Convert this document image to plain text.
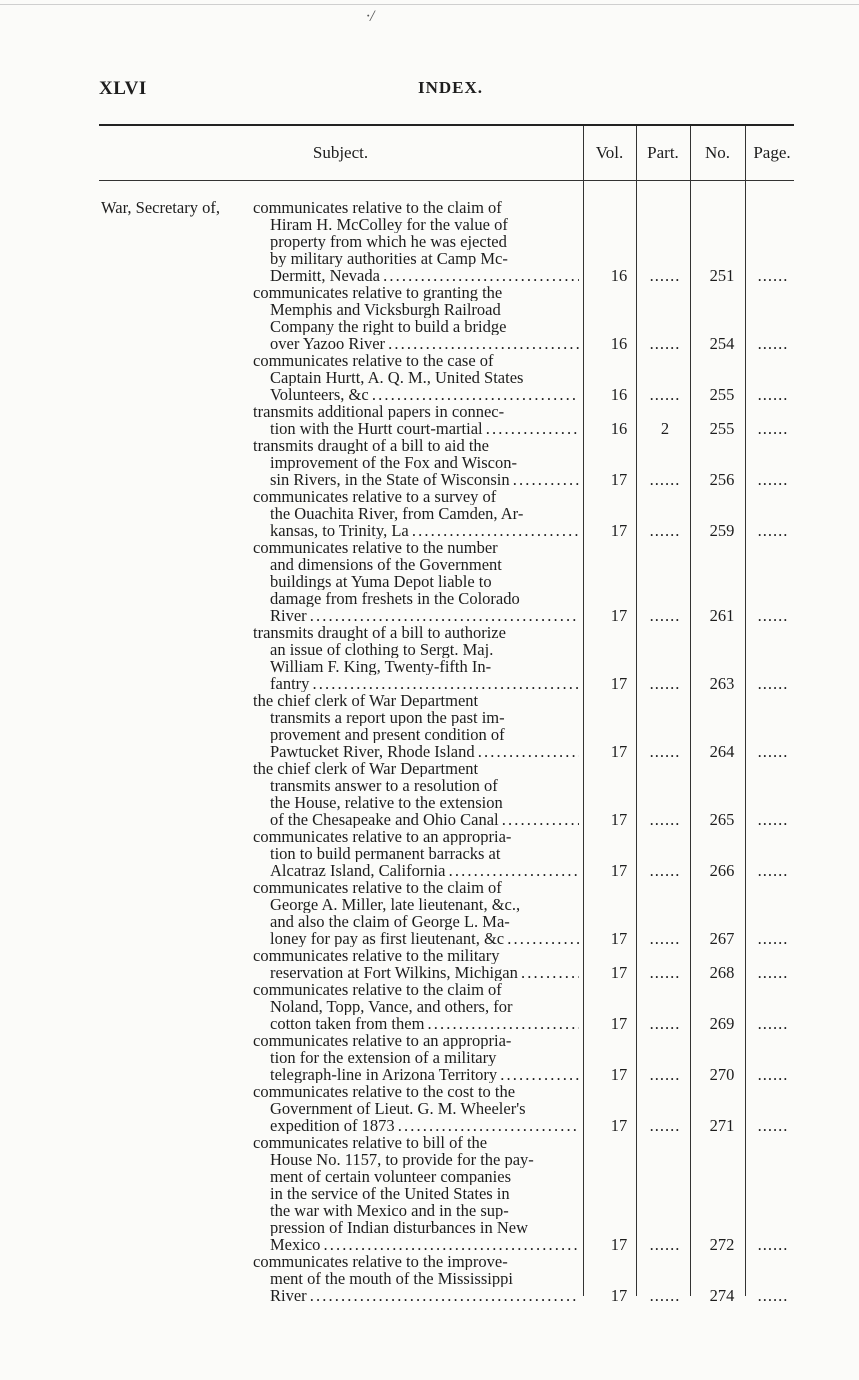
·/
XLVI	INDEX.
Subject.	Vol.	Part.	No.	Page.
War, Secretary of, communicates relative to the claim of
Hiram H. McColley for the value of
property from which he was ejected
by military authorities at Camp Mc-
Dermitt, Nevada . . .	16	......	251	......
communicates relative to granting the
Memphis and Vicksburgh Railroad
Company the right to build a bridge
over Yazoo River . . .	16	......	254	......
communicates relative to the case of
Captain Hurtt, A. Q. M., United States
Volunteers, &c . . .	16	......	255	......
transmits additional papers in connec-
tion with the Hurtt court-martial . . .	16	2	255	......
transmits draught of a bill to aid the
improvement of the Fox and Wiscon-
sin Rivers, in the State of Wisconsin . . .	17	......	256	......
communicates relative to a survey of
the Ouachita River, from Camden, Ar-
kansas, to Trinity, La . . .	17	......	259	......
communicates relative to the number
and dimensions of the Government
buildings at Yuma Depot liable to
damage from freshets in the Colorado
River . . .	17	......	261	......
transmits draught of a bill to authorize
an issue of clothing to Sergt. Maj.
William F. King, Twenty-fifth In-
fantry . . .	17	......	263	......
the chief clerk of War Department
transmits a report upon the past im-
provement and present condition of
Pawtucket River, Rhode Island . . .	17	......	264	......
the chief clerk of War Department
transmits answer to a resolution of
the House, relative to the extension
of the Chesapeake and Ohio Canal . . .	17	......	265	......
communicates relative to an appropria-
tion to build permanent barracks at
Alcatraz Island, California . . .	17	......	266	......
communicates relative to the claim of
George A. Miller, late lieutenant, &c.,
and also the claim of George L. Ma-
loney for pay as first lieutenant, &c . . .	17	......	267	......
communicates relative to the military
reservation at Fort Wilkins, Michigan . . .	17	......	268	......
communicates relative to the claim of
Noland, Topp, Vance, and others, for
cotton taken from them . . .	17	......	269	......
communicates relative to an appropria-
tion for the extension of a military
telegraph-line in Arizona Territory . . .	17	......	270	......
communicates relative to the cost to the
Government of Lieut. G. M. Wheeler's
expedition of 1873 . . .	17	......	271	......
communicates relative to bill of the
House No. 1157, to provide for the pay-
ment of certain volunteer companies
in the service of the United States in
the war with Mexico and in the sup-
pression of Indian disturbances in New
Mexico . . .	17	......	272	......
communicates relative to the improve-
ment of the mouth of the Mississippi
River . . .	17	......	274	......
